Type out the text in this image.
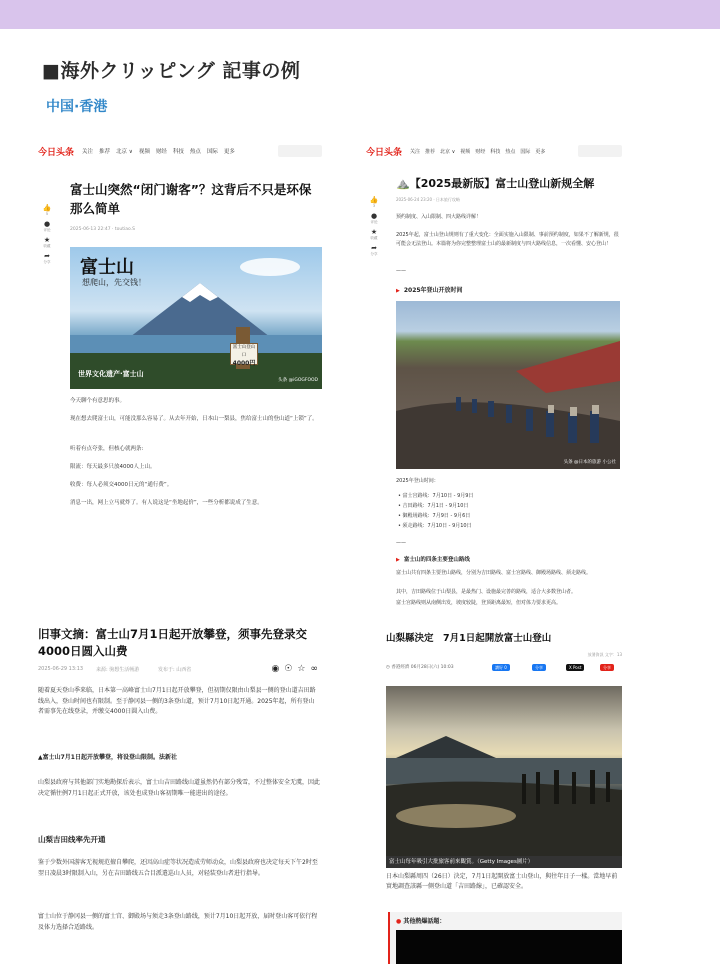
■海外クリッピング 記事の例
中国·香港
今日头条 关注 推荐 北京 ∨ 视频 财经 科技 热点 国际 更多
👍
5
●
评论
★
收藏
➦
分享
富士山突然“闭门谢客”？这背后不只是环保那么简单
2025-06-13 22:47 · toutiao.S
富士山
想爬山，先交钱！
富士山登山口
4000円
世界文化遗产·富士山
头条 @iGOGFOOD
今天聊个有意思的事。
现在想去爬富士山，可能没那么容易了。从去年开始，日本山一梨县，焦给富士山的登山道“上锁”了。
听着有点夸张，但核心就两条:
限流：每天最多只放4000人上山。
收费：每人必须交4000日元的“通行费”。
消息一出，网上立马就炸了。有人说这是“坐地起价”，一些分析都说成了生意。
今日头条 关注 推荐 北京 ∨ 视频 财经 科技 热点 国际 更多
👍
3
●
评论
★
收藏
➦
分享
⛰️【2025最新版】富士山登山新规全解
2025-06-24 23:20 · 日本旅行攻略
预约制度、入山限制、四大路线详解！
2025年起，富士山登山规则有了重大变化：全面实施入山限制、事前预约制度，如果不了解新规，很可能会无法登山。本篇将为你完整整理富士山的最新制度与四大路线信息，一次看懂、安心登山！
——
▶ 2025年登山开放时间
头条 @日本的旅游 小公社
2025年登山时间：
• 富士宫路线：7月10日 - 9月9日
• 吉田路线：7月1日 - 9月10日
• 御殿场路线：7月9日 - 9月6日
• 须走路线：7月10日 - 9月10日
——
▶ 富士山的四条主要登山路线
富士山共有四条主要登山路线，分别为吉田路线、富士宫路线、御殿场路线、须走路线。
其中，吉田路线位于山梨县，是最热门、设施最完善的路线，适合大多数登山者。
富士宫路线则从南侧出发，坡度较陡，登顶距离最短，但对体力要求更高。
旧事文摘：富士山7月1日起开放攀登，须事先登录交4000日圆入山费
2025-06-29 13:13	来源: 驹想生活畅游	发布于: 山西省	◉ ☉ ☆ ∞
随着夏天登山季来临，日本第一高峰富士山7月1日起开放攀登，但初期仅限由山梨县一侧的登山道吉田路线出入，登山时间也有限制。至于静冈县一侧的3条登山道，预计7月10日起开通。2025年起，所有登山者需事先在线登录，并缴交4000日圆入山费。
▲富士山7月1日起开放攀登，将设登山限制。法新社
山梨县政府与其他部门实地勘探后表示，富士山吉田路线山道虽然仍有部分残雪，不过整体安全无虞，因此决定循往例7月1日起正式开放，该处也成登山客初期唯一能进出的途径。
山梨吉田线率先开通
鉴于少数外国游客无视规范擅自攀爬，还因高山症等状况造成劳师动众，山梨县政府也决定每天下午2时至翌日凌晨3时限制入山，另在吉田路线五合目派遣巡山人员，对轻装登山者进行指导。
富士山位于静冈县一侧的富士宫、御殿场与须走3条登山路线，预计7月10日起开放，届时登山客可依行程及体力选择合适路线。
山梨縣決定　7月1日起開放富士山登山
放暑資訊 文字：13
◷ 香港經濟 06月28日(六) 10:03	讚好 0	分享	X Post	分享
富士山每年吸引大批旅客前來觀賞。（Getty Images圖片）
日本山梨縣周四（26日）決定，7月1日起開放富士山登山，與往年日子一樣。當地早前實地調查該縣一側登山道「吉田路線」，已確認安全。
● 其他熱爆話題：
